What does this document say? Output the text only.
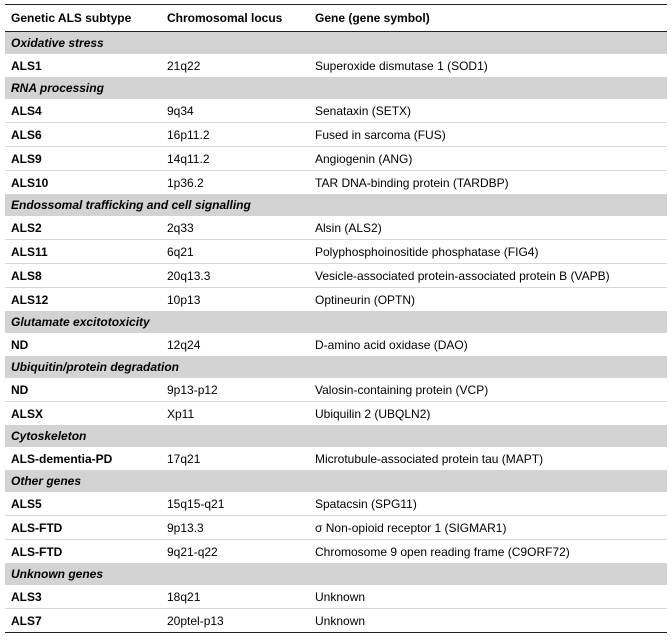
Genetic ALS subtype	Chromosomal locus	Gene (gene symbol)
Oxidative stress		
ALS1	21q22	Superoxide dismutase 1 (SOD1)
RNA processing		
ALS4	9q34	Senataxin (SETX)
ALS6	16p11.2	Fused in sarcoma (FUS)
ALS9	14q11.2	Angiogenin (ANG)
ALS10	1p36.2	TAR DNA-binding protein (TARDBP)
Endossomal trafficking and cell signalling		
ALS2	2q33	Alsin (ALS2)
ALS11	6q21	Polyphosphoinositide phosphatase (FIG4)
ALS8	20q13.3	Vesicle-associated protein-associated protein B (VAPB)
ALS12	10p13	Optineurin (OPTN)
Glutamate excitotoxicity		
ND	12q24	D-amino acid oxidase (DAO)
Ubiquitin/protein degradation		
ND	9p13-p12	Valosin-containing protein (VCP)
ALSX	Xp11	Ubiquilin 2 (UBQLN2)
Cytoskeleton		
ALS-dementia-PD	17q21	Microtubule-associated protein tau (MAPT)
Other genes		
ALS5	15q15-q21	Spatacsin (SPG11)
ALS-FTD	9p13.3	σ Non-opioid receptor 1 (SIGMAR1)
ALS-FTD	9q21-q22	Chromosome 9 open reading frame (C9ORF72)
Unknown genes		
ALS3	18q21	Unknown
ALS7	20ptel-p13	Unknown
